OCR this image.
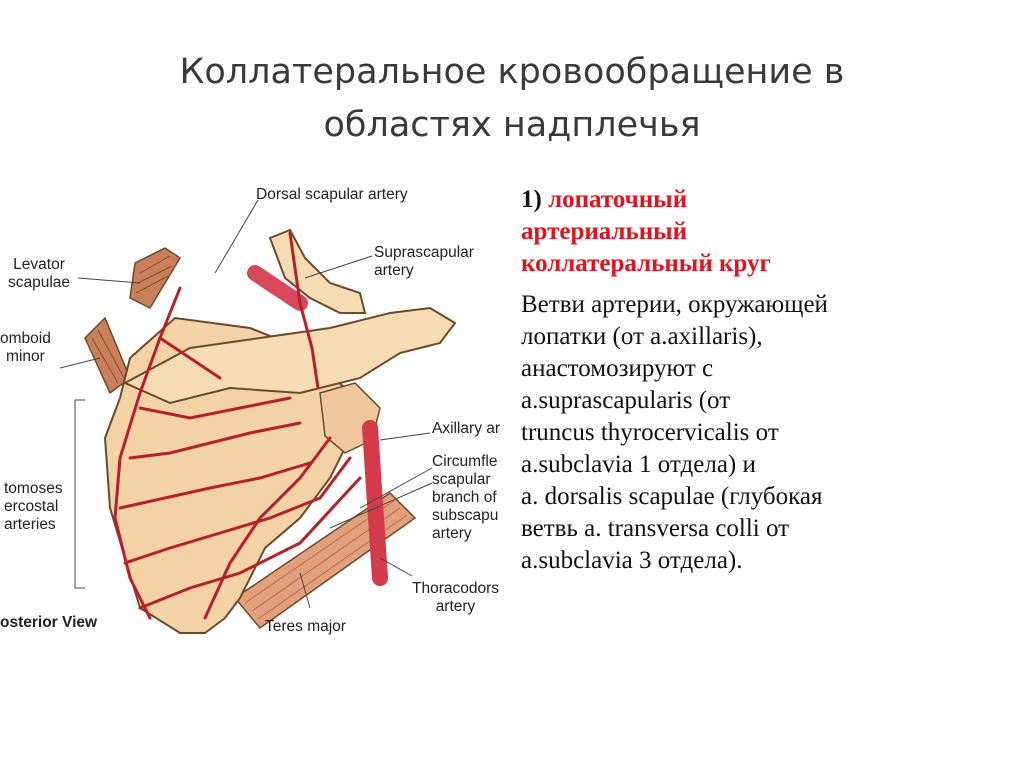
Коллатеральное кровообращение в
областях надплечья
Dorsal scapular artery
Suprascapular
artery
Levator
scapulae
omboid
minor
Axillary ar
Circumfle
scapular
branch of
subscapu
artery
tomoses
ercostal
arteries
Thoracodors
artery
osterior View	Teres major
1) лопаточный
артериальный
коллатеральный круг
Ветви артерии, окружающей
лопатки (от a.axillaris),
анастомозируют с
a.suprascapularis (от
truncus thyrocervicalis от
a.subclavia 1 отдела) и
a. dorsalis scapulae (глубокая
ветвь a. transversa colli от
a.subclavia 3 отдела).
